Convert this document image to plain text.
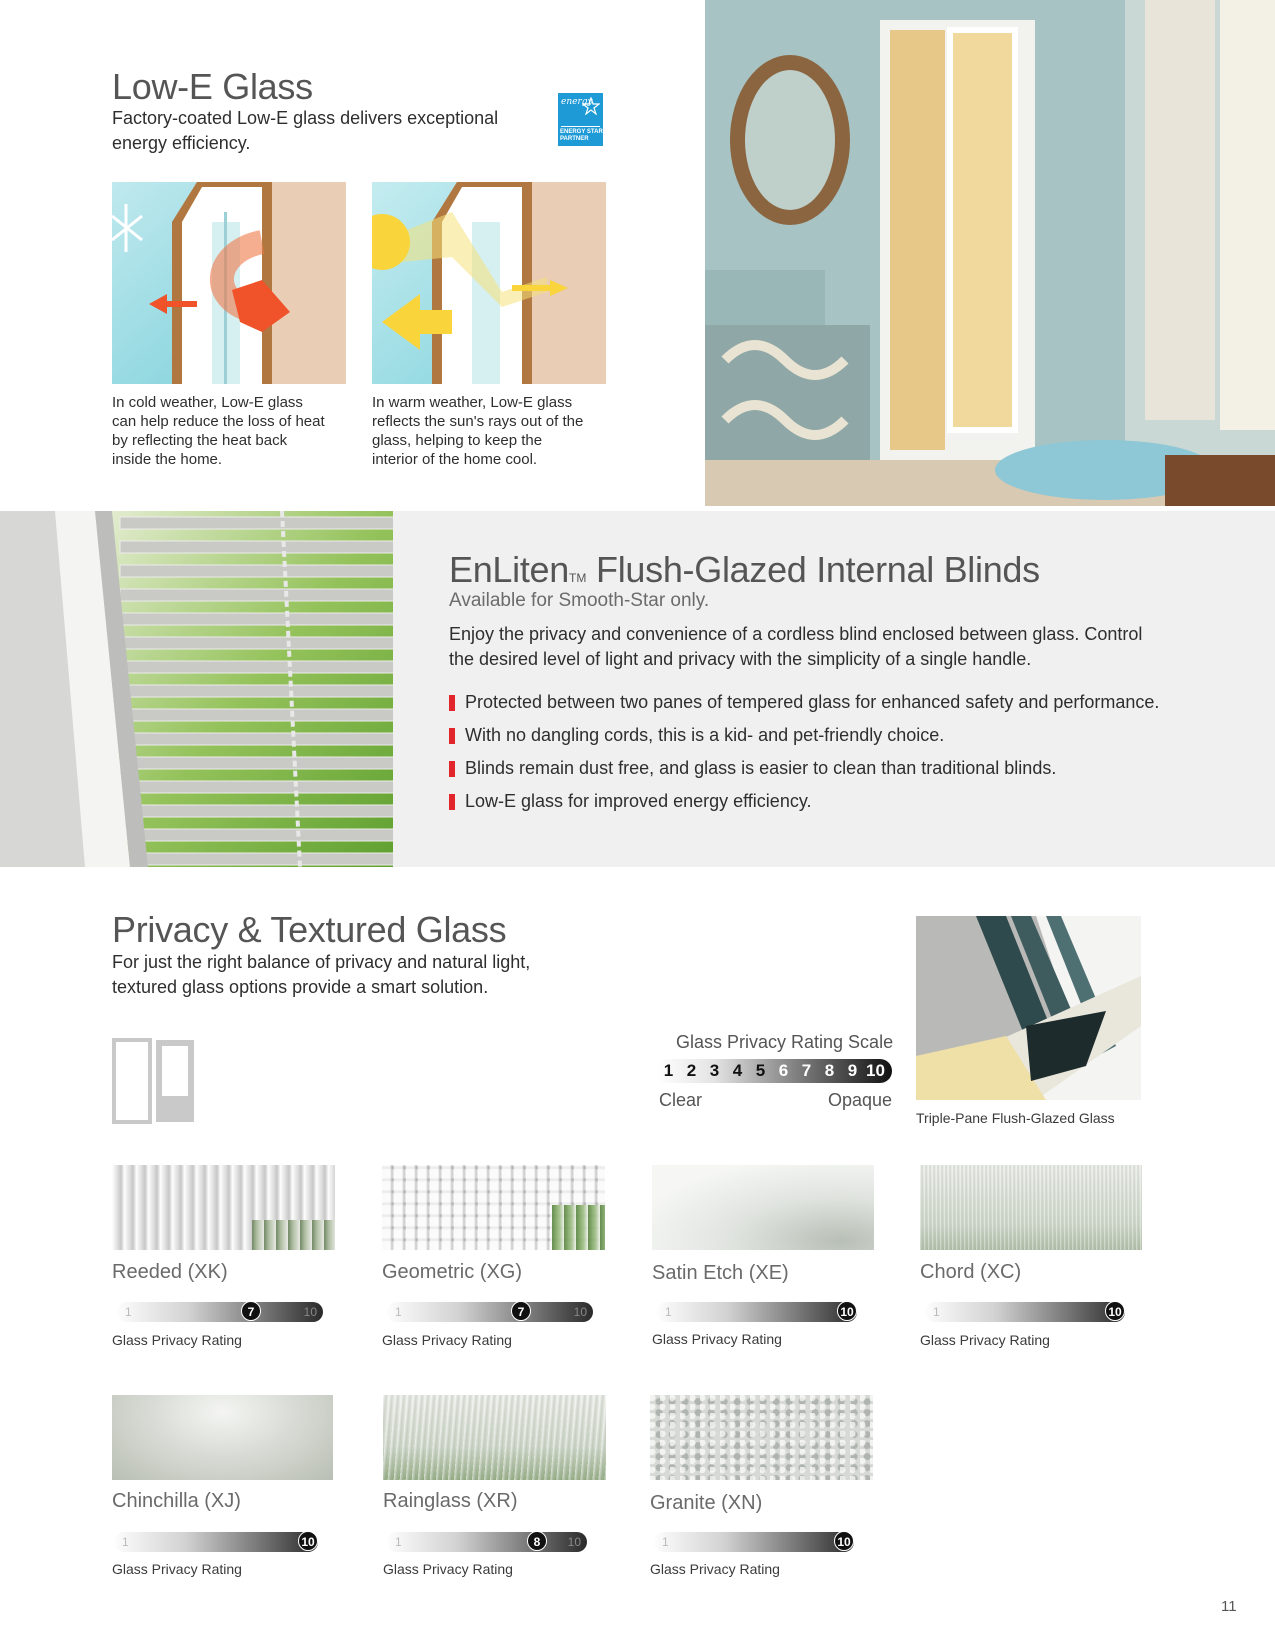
Low-E Glass
Factory-coated Low-E glass delivers exceptional energy efficiency.
energy
ENERGY STAR
PARTNER
In cold weather, Low-E glass can help reduce the loss of heat by reflecting the heat back inside the home.
In warm weather, Low-E glass reflects the sun's rays out of the glass, helping to keep the interior of the home cool.
EnLitenTM Flush-Glazed Internal Blinds
Available for Smooth-Star only.
Enjoy the privacy and convenience of a cordless blind enclosed between glass. Control
the desired level of light and privacy with the simplicity of a single handle.
Protected between two panes of tempered glass for enhanced safety and performance.
With no dangling cords, this is a kid- and pet-friendly choice.
Blinds remain dust free, and glass is easier to clean than traditional blinds.
Low-E glass for improved energy efficiency.
Privacy & Textured Glass
For just the right balance of privacy and natural light,
textured glass options provide a smart solution.
Glass Privacy Rating Scale
1 2 3 4 5 6 7 8 9 10
Clear	Opaque
Triple-Pane Flush-Glazed Glass
Reeded (XK)
1	10
7
Glass Privacy Rating
Geometric (XG)
1	10
7
Glass Privacy Rating
Satin Etch (XE)
1	10
Glass Privacy Rating
Chord (XC)
1	10
Glass Privacy Rating
Chinchilla (XJ)
1	10
Glass Privacy Rating
Rainglass (XR)
1	10
8
Glass Privacy Rating
Granite (XN)
1	10
Glass Privacy Rating
11
